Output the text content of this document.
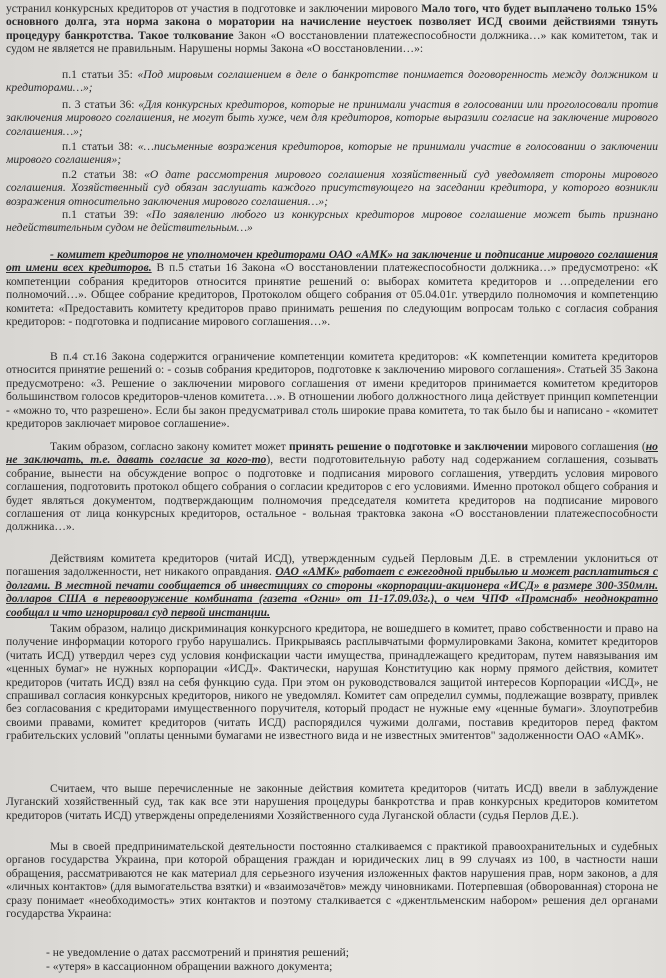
устранил конкурсных кредиторов от участия в подготовке и заключении мирового Мало того, что будет выплачено только 15% основного долга, эта норма закона о моратории на начисление неустоек позволяет ИСД своими действиями тянуть процедуру банкротства. Такое толкование Закон «О восстановлении платежеспособности должника…» как комитетом, так и судом не является не правильным. Нарушены нормы Закона «О восстановлении…»:
п.1 статьи 35: «Под мировым соглашением в деле о банкротстве понимается договоренность между должником и кредиторами…»;
п. 3 статьи 36: «Для конкурсных кредиторов, которые не принимали участия в голосовании или проголосовали против заключения мирового соглашения, не могут быть хуже, чем для кредиторов, которые выразили согласие на заключение мирового соглашения…»;
п.1 статьи 38: «…письменные возражения кредиторов, которые не принимали участие в голосовании о заключении мирового соглашения»;
п.2 статьи 38: «О дате рассмотрения мирового соглашения хозяйственный суд уведомляет стороны мирового соглашения. Хозяйственный суд обязан заслушать каждого присутствующего на заседании кредитора, у которого возникли возражения относительно заключения мирового соглашения…»;
п.1 статьи 39: «По заявлению любого из конкурсных кредиторов мировое соглашение может быть признано недействительным судом не действительным…»
- комитет кредиторов не уполномочен кредиторами ОАО «АМК» на заключение и подписание мирового соглашения от имени всех кредиторов. В п.5 статьи 16 Закона «О восстановлении платежеспособности должника…» предусмотрено: «К компетенции собрания кредиторов относится принятие решений о: выборах комитета кредиторов и …определении его полномочий…». Общее собрание кредиторов, Протоколом общего собрания от 05.04.01г. утвердило полномочия и компетенцию комитета: «Предоставить комитету кредиторов право принимать решения по следующим вопросам только с согласия собрания кредиторов: - подготовка и подписание мирового соглашения…».
В п.4 ст.16 Закона содержится ограничение компетенции комитета кредиторов: «К компетенции комитета кредиторов относится принятие решений о: - созыв собрания кредиторов, подготовке к заключению мирового соглашения». Статьей 35 Закона предусмотрено: «3. Решение о заключении мирового соглашения от имени кредиторов принимается комитетом кредиторов большинством голосов кредиторов-членов комитета…». В отношении любого должностного лица действует принцип компетенции - «можно то, что разрешено». Если бы закон предусматривал столь широкие права комитета, то так было бы и написано - «комитет кредиторов заключает мировое соглашение».
Таким образом, согласно закону комитет может принять решение о подготовке и заключении мирового соглашения (но не заключать, т.е. давать согласие за кого-то), вести подготовительную работу над содержанием соглашения, созывать собрание, вынести на обсуждение вопрос о подготовке и подписания мирового соглашения, утвердить условия мирового соглашения, подготовить протокол общего собрания о согласии кредиторов с его условиями. Именно протокол общего собрания и будет являться документом, подтверждающим полномочия председателя комитета кредиторов на подписание мирового соглашения от лица конкурсных кредиторов, остальное - вольная трактовка закона «О восстановлении платежеспособности должника…».
Действиям комитета кредиторов (читай ИСД), утвержденным судьей Перловым Д.Е. в стремлении уклониться от погашения задолженности, нет никакого оправдания. ОАО «АМК» работает с ежегодной прибылью и может расплатиться с долгами. В местной печати сообщается об инвестициях со стороны «корпорации-акционера «ИСД» в размере 300-350млн. долларов США в перевооружение комбината (газета «Огни» от 11-17.09.03г.), о чем ЧПФ «Промснаб» неоднократно сообщал и что игнорировал суд первой инстанции.
Таким образом, налицо дискриминация конкурсного кредитора, не вошедшего в комитет, право собственности и право на получение информации которого грубо нарушались. Прикрываясь расплывчатыми формулировками Закона, комитет кредиторов (читать ИСД) утвердил через суд условия конфискации части имущества, принадлежащего кредиторам, путем навязывания им «ценных бумаг» не нужных корпорации «ИСД». Фактически, нарушая Конституцию как норму прямого действия, комитет кредиторов (читать ИСД) взял на себя функцию суда. При этом он руководствовался защитой интересов Корпорации «ИСД», не спрашивал согласия конкурсных кредиторов, никого не уведомлял. Комитет сам определил суммы, подлежащие возврату, привлек без согласования с кредиторами имущественного поручителя, который продаст не нужные ему «ценные бумаги». Злоупотребив своими правами, комитет кредиторов (читать ИСД) распорядился чужими долгами, поставив кредиторов перед фактом грабительских условий "оплаты ценными бумагами не известного вида и не известных эмитентов" задолженности ОАО «АМК».
Считаем, что выше перечисленные не законные действия комитета кредиторов (читать ИСД) ввели в заблуждение Луганский хозяйственный суд, так как все эти нарушения процедуры банкротства и прав конкурсных кредиторов комитетом кредиторов (читать ИСД) утверждены определениями Хозяйственного суда Луганской области (судья Перлов Д.Е.).
Мы в своей предпринимательской деятельности постоянно сталкиваемся с практикой правоохранительных и судебных органов государства Украина, при которой обращения граждан и юридических лиц в 99 случаях из 100, в частности наши обращения, рассматриваются не как материал для серьезного изучения изложенных фактов нарушения прав, норм законов, а для «личных контактов» (для вымогательства взятки) и «взаимозачётов» между чиновниками. Потерпевшая (обворованная) сторона не сразу понимает «необходимость» этих контактов и поэтому сталкивается с «джентльменским набором» решения дел органами государства Украина:
- не уведомление о датах рассмотрений и принятия решений;
- «утеря» в кассационном обращении важного документа;
